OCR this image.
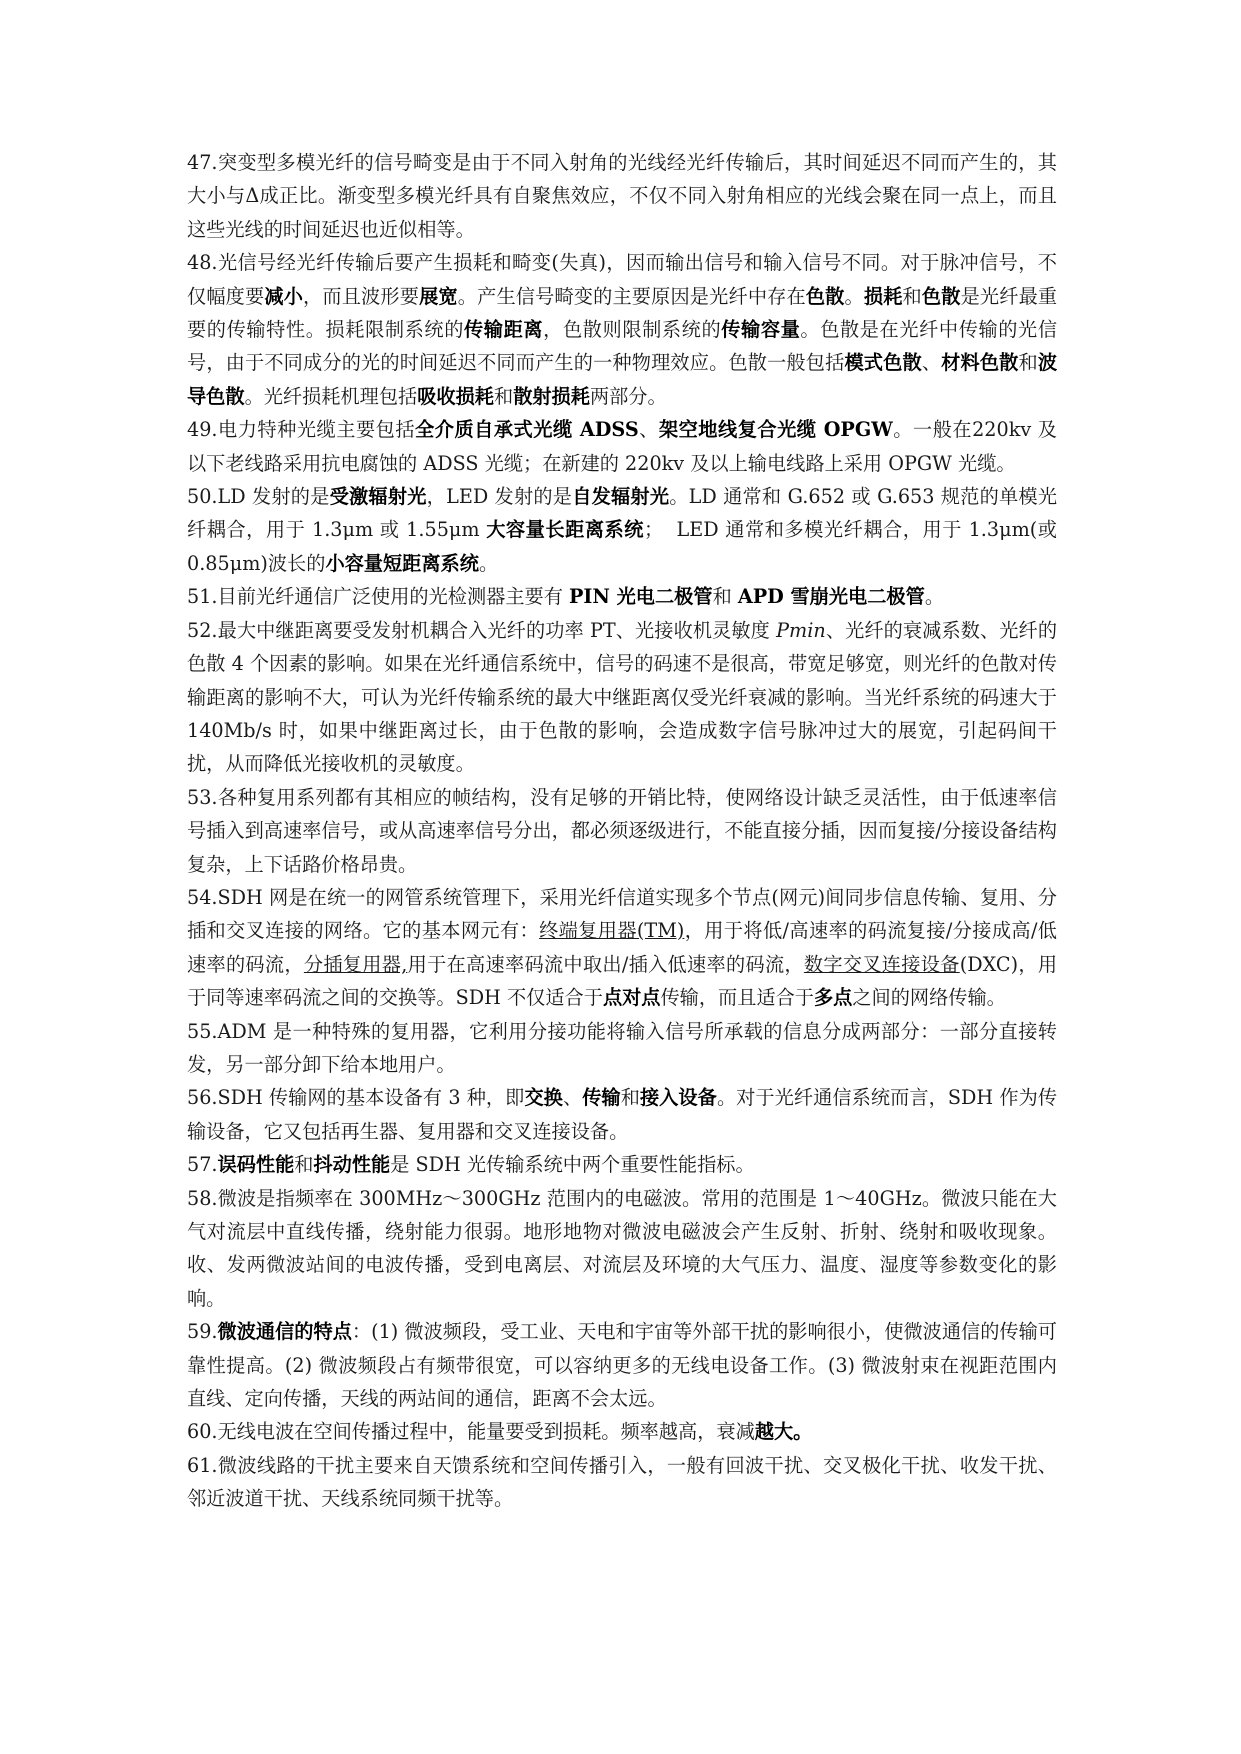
47.突变型多模光纤的信号畸变是由于不同入射角的光线经光纤传输后，其时间延迟不同而产生的，其大小与Δ成正比。渐变型多模光纤具有自聚焦效应，不仅不同入射角相应的光线会聚在同一点上，而且这些光线的时间延迟也近似相等。

48.光信号经光纤传输后要产生损耗和畸变(失真)，因而输出信号和输入信号不同。对于脉冲信号，不仅幅度要减小，而且波形要展宽。产生信号畸变的主要原因是光纤中存在色散。损耗和色散是光纤最重要的传输特性。损耗限制系统的传输距离，色散则限制系统的传输容量。色散是在光纤中传输的光信号，由于不同成分的光的时间延迟不同而产生的一种物理效应。色散一般包括模式色散、材料色散和波导色散。光纤损耗机理包括吸收损耗和散射损耗两部分。

49.电力特种光缆主要包括全介质自承式光缆 ADSS、架空地线复合光缆 OPGW。一般在220kv 及以下老线路采用抗电腐蚀的 ADSS 光缆；在新建的 220kv 及以上输电线路上采用 OPGW 光缆。

50.LD 发射的是受激辐射光，LED 发射的是自发辐射光。LD 通常和 G.652 或 G.653 规范的单模光纤耦合，用于 1.3μm 或 1.55μm 大容量长距离系统；  LED 通常和多模光纤耦合，用于 1.3μm(或 0.85μm)波长的小容量短距离系统。

51.目前光纤通信广泛使用的光检测器主要有 PIN 光电二极管和 APD 雪崩光电二极管。

52.最大中继距离要受发射机耦合入光纤的功率 PT、光接收机灵敏度 Pmin、光纤的衰减系数、光纤的色散 4 个因素的影响。如果在光纤通信系统中，信号的码速不是很高，带宽足够宽，则光纤的色散对传输距离的影响不大，可认为光纤传输系统的最大中继距离仅受光纤衰减的影响。当光纤系统的码速大于 140Mb/s 时，如果中继距离过长，由于色散的影响，会造成数字信号脉冲过大的展宽，引起码间干扰，从而降低光接收机的灵敏度。

53.各种复用系列都有其相应的帧结构，没有足够的开销比特，使网络设计缺乏灵活性，由于低速率信号插入到高速率信号，或从高速率信号分出，都必须逐级进行，不能直接分插，因而复接/分接设备结构复杂，上下话路价格昂贵。

54.SDH 网是在统一的网管系统管理下，采用光纤信道实现多个节点(网元)间同步信息传输、复用、分插和交叉连接的网络。它的基本网元有：终端复用器(TM)，用于将低/高速率的码流复接/分接成高/低速率的码流，分插复用器,用于在高速率码流中取出/插入低速率的码流，数字交叉连接设备(DXC)，用于同等速率码流之间的交换等。SDH 不仅适合于点对点传输，而且适合于多点之间的网络传输。

55.ADM 是一种特殊的复用器，它利用分接功能将输入信号所承载的信息分成两部分：一部分直接转发，另一部分卸下给本地用户。

56.SDH 传输网的基本设备有 3 种，即交换、传输和接入设备。对于光纤通信系统而言，SDH 作为传输设备，它又包括再生器、复用器和交叉连接设备。

57.误码性能和抖动性能是 SDH 光传输系统中两个重要性能指标。

58.微波是指频率在 300MHz～300GHz 范围内的电磁波。常用的范围是 1～40GHz。微波只能在大气对流层中直线传播，绕射能力很弱。地形地物对微波电磁波会产生反射、折射、绕射和吸收现象。收、发两微波站间的电波传播，受到电离层、对流层及环境的大气压力、温度、湿度等参数变化的影响。

59.微波通信的特点：(1) 微波频段，受工业、天电和宇宙等外部干扰的影响很小，使微波通信的传输可靠性提高。(2) 微波频段占有频带很宽，可以容纳更多的无线电设备工作。(3) 微波射束在视距范围内直线、定向传播，天线的两站间的通信，距离不会太远。

60.无线电波在空间传播过程中，能量要受到损耗。频率越高，衰减越大。

61.微波线路的干扰主要来自天馈系统和空间传播引入，一般有回波干扰、交叉极化干扰、收发干扰、邻近波道干扰、天线系统同频干扰等。
